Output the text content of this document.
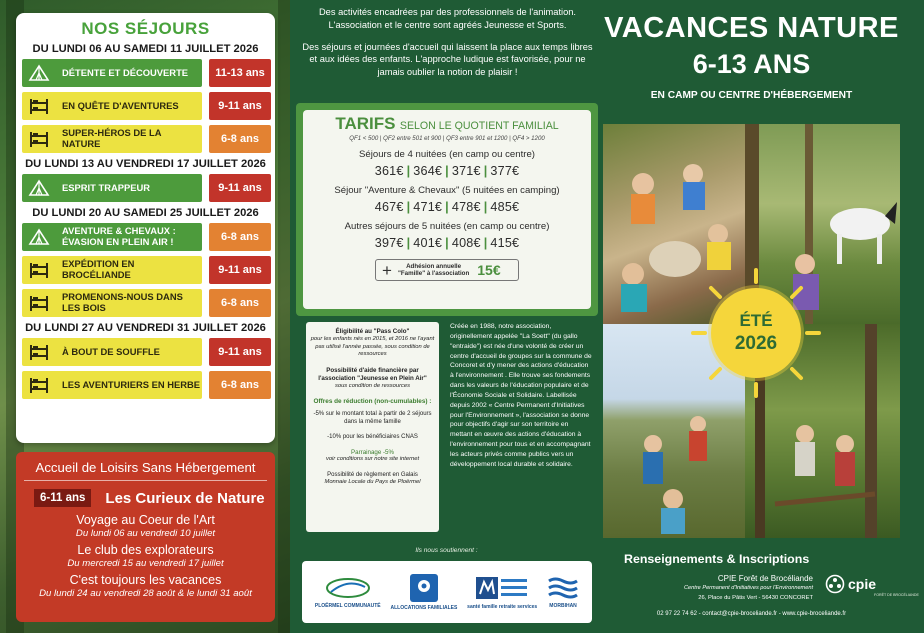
NOS SÉJOURS
DU LUNDI 06 AU SAMEDI 11 JUILLET 2026
DÉTENTE ET DÉCOUVERTE	11-13 ans
EN QUÊTE D'AVENTURES	9-11 ans
SUPER-HÉROS DE LA NATURE	6-8 ans
DU LUNDI 13 AU VENDREDI 17 JUILLET 2026
ESPRIT TRAPPEUR	9-11 ans
DU LUNDI 20 AU SAMEDI 25 JUILLET 2026
AVENTURE & CHEVAUX : ÉVASION EN PLEIN AIR !	6-8 ans
EXPÉDITION EN BROCÉLIANDE	9-11 ans
PROMENONS-NOUS DANS LES BOIS	6-8 ans
DU LUNDI 27 AU VENDREDI 31 JUILLET 2026
À BOUT DE SOUFFLE	9-11 ans
LES AVENTURIERS EN HERBE	6-8 ans
Accueil de Loisirs Sans Hébergement
6-11 ans	Les Curieux de Nature
Voyage au Coeur de l'Art
Du lundi 06 au vendredi 10 juillet
Le club des explorateurs
Du mercredi 15 au vendredi 17 juillet
C'est toujours les vacances
Du lundi 24 au vendredi 28 août & le lundi 31 août

Des activités encadrées par des professionnels de l'animation. L'association et le centre sont agréés Jeunesse et Sports.

Des séjours et journées d'accueil qui laissent la place aux temps libres et aux idées des enfants. L'approche ludique est favorisée, pour ne jamais oublier la notion de plaisir !

TARIFS SELON LE QUOTIENT FAMILIAL
QF1 < 500 | QF2 entre 501 et 900 | QF3 entre 901 et 1200 | QF4 > 1200
Séjours de 4 nuitées (en camp ou centre)
361€ | 364€ | 371€ | 377€
Séjour "Aventure & Chevaux" (5 nuitées en camping)
467€ | 471€ | 478€ | 485€
Autres séjours de 5 nuitées (en camp ou centre)
397€ | 401€ | 408€ | 415€
+	Adhésion annuelle
"Famille" à l'association 15€
Éligibilité au "Pass Colo"
pour les enfants nés en 2015, et 2016 ne l'ayant pas utilisé l'année passée, sous condition de ressources
Possibilité d'aide financière par l'association "Jeunesse en Plein Air"
sous condition de ressources
Offres de réduction (non-cumulables) :
-5% sur le montant total à partir de 2 séjours dans la même famille
-10% pour les bénéficiaires CNAS
Parrainage -5%
voir conditions sur notre site internet
Possibilité de règlement en Galais
Monnaie Locale du Pays de Ploërmel
Créée en 1988, notre association, originellement appelée "La Soett" (du gallo "entraide") est née d'une volonté de créer un centre d'accueil de groupes sur la commune de Concoret et d'y mener des actions d'éducation à l'environnement . Elle trouve ses fondements dans les valeurs de l'éducation populaire et de l'Économie Sociale et Solidaire. Labellisée depuis 2002 « Centre Permanent d'Initiatives pour l'Environnement », l'association se donne pour objectifs d'agir sur son territoire en mettant en œuvre des actions d'éducation à l'environnement pour tous et en accompagnant les acteurs privés comme publics vers un développement local durable et solidaire.
Ils nous soutiennent :
PLOËRMEL COMMUNAUTÉ ALLOCATIONS FAMILIALES santé famille retraite services MORBIHAN
VACANCES NATURE
6-13 ANS
EN CAMP OU CENTRE D'HÉBERGEMENT
ÉTÉ
2026
Renseignements & Inscriptions
CPIE Forêt de Brocéliande
Centre Permanent d'Initiatives pour l'Environnement
26, Place du Pâtis Vert - 56430 CONCORET
cpie
FORÊT DE BROCÉLIANDE
02 97 22 74 62 - contact@cpie-broceliande.fr - www.cpie-broceliande.fr
